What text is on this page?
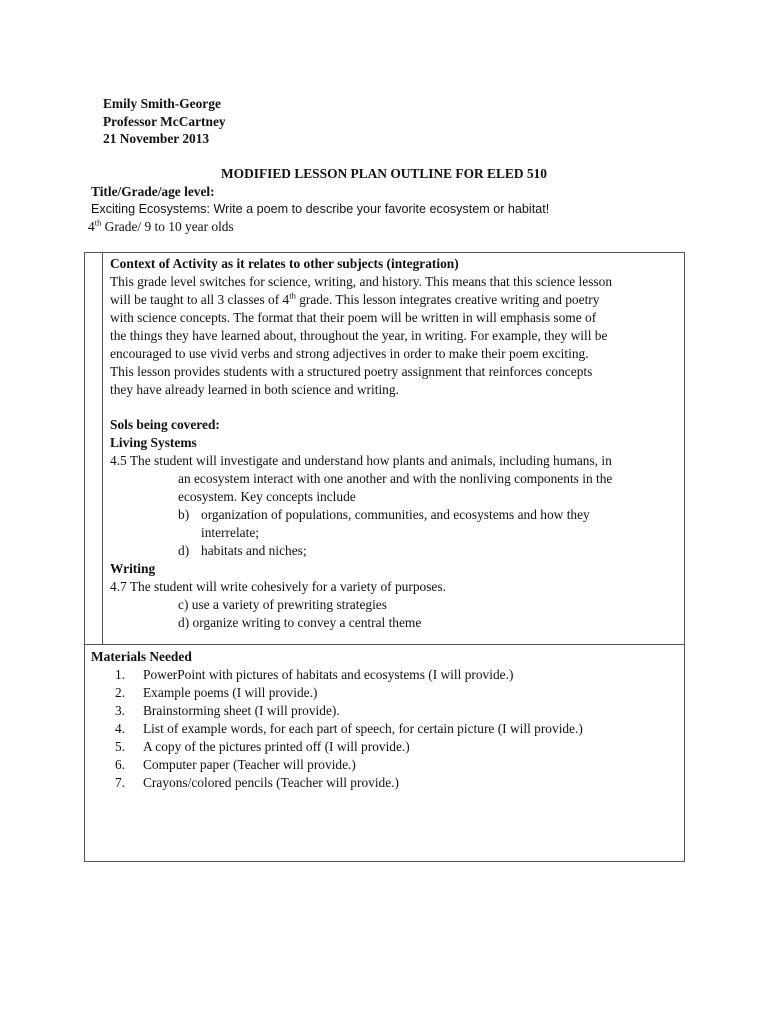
Emily Smith-George
Professor McCartney
21 November 2013
MODIFIED LESSON PLAN OUTLINE FOR ELED 510
Title/Grade/age level:
Exciting Ecosystems: Write a poem to describe your favorite ecosystem or habitat!
4th Grade/ 9 to 10 year olds

Context of Activity as it relates to other subjects (integration)

This grade level switches for science, writing, and history. This means that this science lesson

will be taught to all 3 classes of 4th grade. This lesson integrates creative writing and poetry

with science concepts. The format that their poem will be written in will emphasis some of

the things they have learned about, throughout the year, in writing. For example, they will be

encouraged to use vivid verbs and strong adjectives in order to make their poem exciting.

This lesson provides students with a structured poetry assignment that reinforces concepts

they have already learned in both science and writing.

Sols being covered:

Living Systems

4.5 The student will investigate and understand how plants and animals, including humans, in

an ecosystem interact with one another and with the nonliving components in the

ecosystem. Key concepts include

b) organization of populations, communities, and ecosystems and how they
interrelate;
d) habitats and niches;

Writing

4.7 The student will write cohesively for a variety of purposes.

c) use a variety of prewriting strategies

d) organize writing to convey a central theme

Materials Needed

1.	PowerPoint with pictures of habitats and ecosystems (I will provide.)
2.	Example poems (I will provide.)
3.	Brainstorming sheet (I will provide).
4.	List of example words, for each part of speech, for certain picture (I will provide.)
5.	A copy of the pictures printed off (I will provide.)
6.	Computer paper (Teacher will provide.)
7.	Crayons/colored pencils (Teacher will provide.)
